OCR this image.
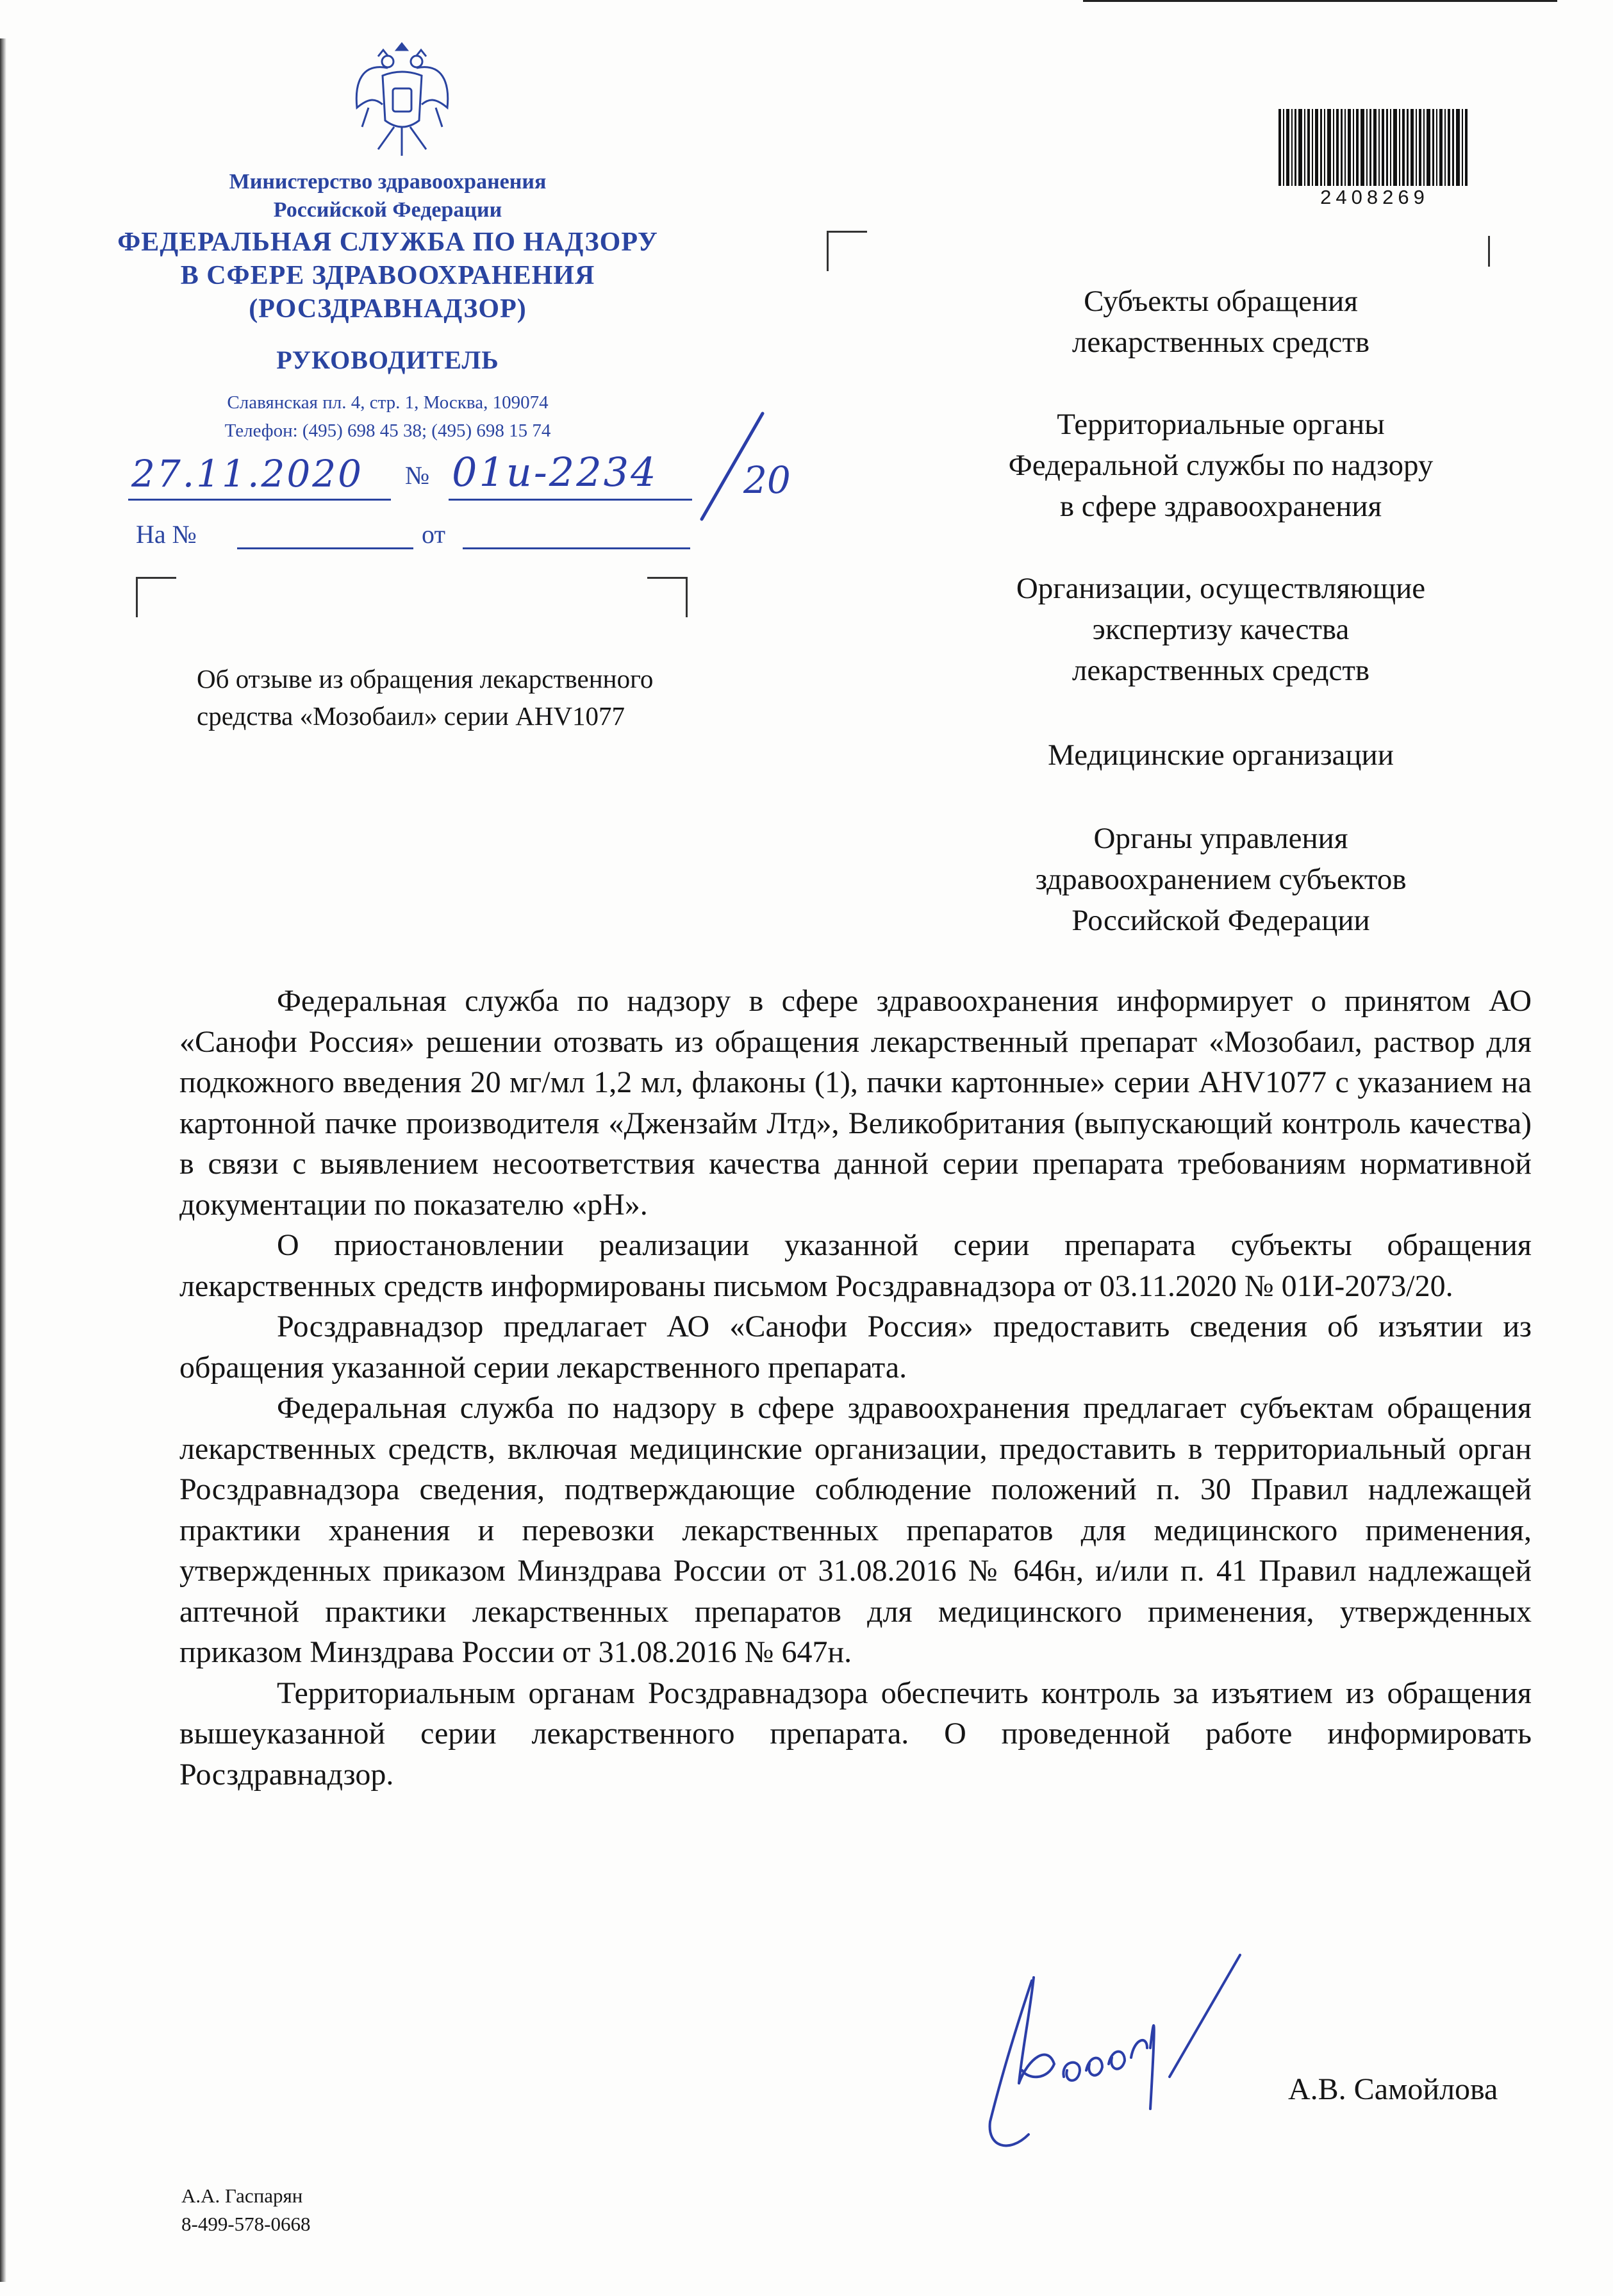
Министерство здравоохранения
Российской Федерации
ФЕДЕРАЛЬНАЯ СЛУЖБА ПО НАДЗОРУ
В СФЕРЕ ЗДРАВООХРАНЕНИЯ
(РОСЗДРАВНАДЗОР)
РУКОВОДИТЕЛЬ
Славянская пл. 4, стр. 1, Москва, 109074
Телефон: (495) 698 45 38; (495) 698 15 74
27.11.2020 № 01и-2234 20
На №	от
Об отзыве из обращения лекарственного
средства «Мозобаил» серии AHV1077
2408269
Субъекты обращения
лекарственных средств
Территориальные органы
Федеральной службы по надзору
в сфере здравоохранения
Организации, осуществляющие
экспертизу качества
лекарственных средств
Медицинские организации
Органы управления
здравоохранением субъектов
Российской Федерации

Федеральная служба по надзору в сфере здравоохранения информирует о принятом АО «Санофи Россия» решении отозвать из обращения лекарственный препарат «Мозобаил, раствор для подкожного введения 20 мг/мл 1,2 мл, флаконы (1), пачки картонные» серии AHV1077 с указанием на картонной пачке производителя «Джензайм Лтд», Великобритания (выпускающий контроль качества) в связи с выявлением несоответствия качества данной серии препарата требованиям нормативной документации по показателю «рН».

О приостановлении реализации указанной серии препарата субъекты обращения лекарственных средств информированы письмом Росздравнадзора от 03.11.2020 № 01И-2073/20.

Росздравнадзор предлагает АО «Санофи Россия» предоставить сведения об изъятии из обращения указанной серии лекарственного препарата.

Федеральная служба по надзору в сфере здравоохранения предлагает субъектам обращения лекарственных средств, включая медицинские организации, предоставить в территориальный орган Росздравнадзора сведения, подтверждающие соблюдение положений п. 30 Правил надлежащей практики хранения и перевозки лекарственных препаратов для медицинского применения, утвержденных приказом Минздрава России от 31.08.2016 № 646н, и/или п. 41 Правил надлежащей аптечной практики лекарственных препаратов для медицинского применения, утвержденных приказом Минздрава России от 31.08.2016 № 647н.

Территориальным органам Росздравнадзора обеспечить контроль за изъятием из обращения вышеуказанной серии лекарственного препарата. О проведенной работе информировать Росздравнадзор.

А.В. Самойлова
А.А. Гаспарян
8-499-578-0668
